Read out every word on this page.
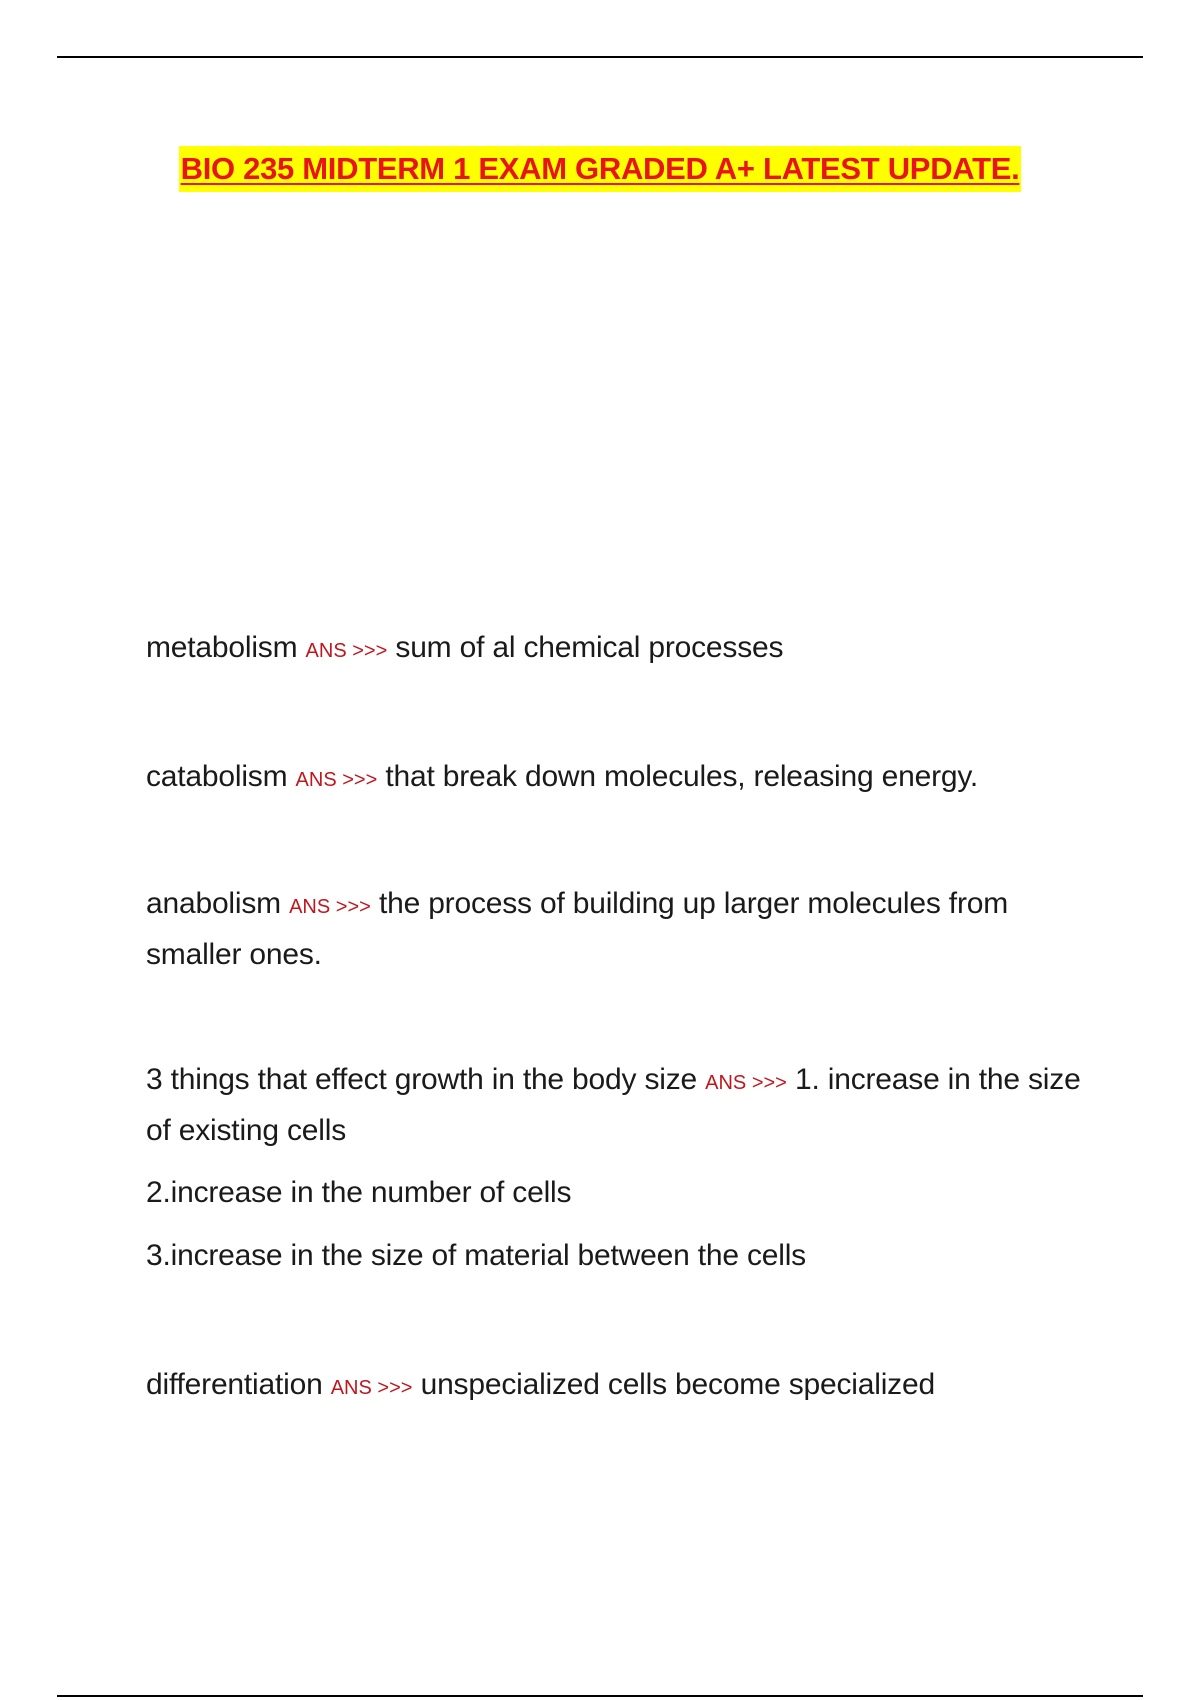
BIO 235 MIDTERM 1 EXAM GRADED A+ LATEST UPDATE.
metabolism ANS >>> sum of al chemical processes
catabolism ANS >>> that break down molecules, releasing energy.
anabolism ANS >>> the process of building up larger molecules from smaller ones.
3 things that effect growth in the body size ANS >>> 1. increase in the size of existing cells
2.increase in the number of cells
3.increase in the size of material between the cells
differentiation ANS >>> unspecialized cells become specialized
